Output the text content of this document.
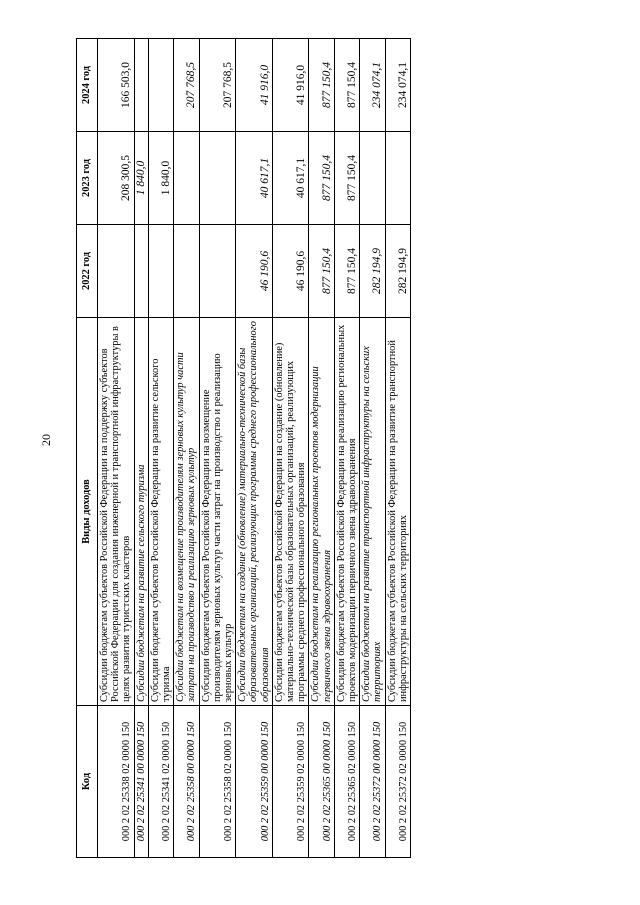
20
Код	Виды доходов	2022 год	2023 год	2024 год
000 2 02 25338 02 0000 150	Субсидии бюджетам субъектов Российской Федерации на поддержку субъектов Российской Федерации для создания инженерной и транспортной инфраструктуры в целях развития туристских кластеров		208 300,5	166 503,0
000 2 02 25341 00 0000 150	Субсидии бюджетам на развитие сельского туризма		1 840,0	
000 2 02 25341 02 0000 150	Субсидии бюджетам субъектов Российской Федерации на развитие сельского туризма		1 840,0	
000 2 02 25358 00 0000 150	Субсидии бюджетам на возмещение производителям зерновых культур части затрат на производство и реализацию зерновых культур			207 768,5
000 2 02 25358 02 0000 150	Субсидии бюджетам субъектов Российской Федерации на возмещение производителям зерновых культур части затрат на производство и реализацию зерновых культур			207 768,5
000 2 02 25359 00 0000 150	Субсидии бюджетам на создание (обновление) материально-технической базы образовательных организаций, реализующих программы среднего профессионального образования	46 190,6	40 617,1	41 916,0
000 2 02 25359 02 0000 150	Субсидии бюджетам субъектов Российской Федерации на создание (обновление) материально-технической базы образовательных организаций, реализующих программы среднего профессионального образования	46 190,6	40 617,1	41 916,0
000 2 02 25365 00 0000 150	Субсидии бюджетам на реализацию региональных проектов модернизации первичного звена здравоохранения	877 150,4	877 150,4	877 150,4
000 2 02 25365 02 0000 150	Субсидии бюджетам субъектов Российской Федерации на реализацию региональных проектов модернизации первичного звена здравоохранения	877 150,4	877 150,4	877 150,4
000 2 02 25372 00 0000 150	Субсидии бюджетам на развитие транспортной инфраструктуры на сельских территориях	282 194,9		234 074,1
000 2 02 25372 02 0000 150	Субсидии бюджетам субъектов Российской Федерации на развитие транспортной инфраструктуры на сельских территориях	282 194,9		234 074,1
